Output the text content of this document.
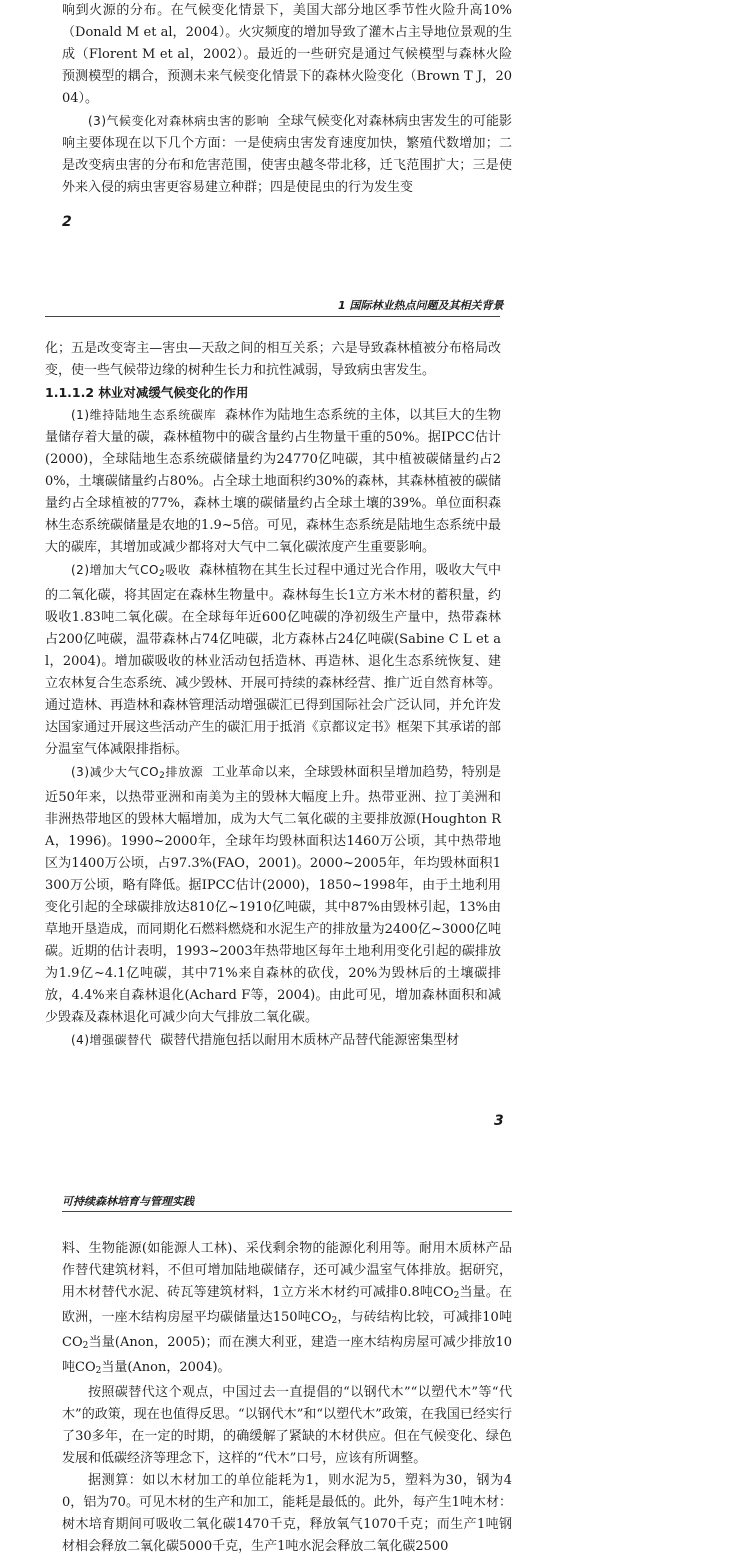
响到火源的分布。在气候变化情景下，美国大部分地区季节性火险升高10%（Donald M et al，2004）。火灾频度的增加导致了灌木占主导地位景观的生成（Florent M et al，2002）。最近的一些研究是通过气候模型与森林火险预测模型的耦合，预测未来气候变化情景下的森林火险变化（Brown T J，2004）。

(3)气候变化对森林病虫害的影响 全球气候变化对森林病虫害发生的可能影响主要体现在以下几个方面：一是使病虫害发育速度加快，繁殖代数增加；二是改变病虫害的分布和危害范围，使害虫越冬带北移，迁飞范围扩大；三是使外来入侵的病虫害更容易建立种群；四是使昆虫的行为发生变

2
1 国际林业热点问题及其相关背景

化；五是改变寄主—害虫—天敌之间的相互关系；六是导致森林植被分布格局改变，使一些气候带边缘的树种生长力和抗性减弱，导致病虫害发生。

1.1.1.2 林业对减缓气候变化的作用

(1)维持陆地生态系统碳库 森林作为陆地生态系统的主体，以其巨大的生物量储存着大量的碳，森林植物中的碳含量约占生物量干重的50%。据IPCC估计(2000)，全球陆地生态系统碳储量约为24770亿吨碳，其中植被碳储量约占20%，土壤碳储量约占80%。占全球土地面积约30%的森林，其森林植被的碳储量约占全球植被的77%，森林土壤的碳储量约占全球土壤的39%。单位面积森林生态系统碳储量是农地的1.9~5倍。可见，森林生态系统是陆地生态系统中最大的碳库，其增加或减少都将对大气中二氧化碳浓度产生重要影响。

(2)增加大气$CO_2$吸收 森林植物在其生长过程中通过光合作用，吸收大气中的二氧化碳，将其固定在森林生物量中。森林每生长1立方米木材的蓄积量，约吸收1.83吨二氧化碳。在全球每年近600亿吨碳的净初级生产量中，热带森林占200亿吨碳，温带森林占74亿吨碳，北方森林占24亿吨碳(Sabine C L et al，2004)。增加碳吸收的林业活动包括造林、再造林、退化生态系统恢复、建立农林复合生态系统、减少毁林、开展可持续的森林经营、推广近自然育林等。通过造林、再造林和森林管理活动增强碳汇已得到国际社会广泛认同，并允许发达国家通过开展这些活动产生的碳汇用于抵消《京都议定书》框架下其承诺的部分温室气体减限排指标。

(3)减少大气$CO_2$排放源 工业革命以来，全球毁林面积呈增加趋势，特别是近50年来，以热带亚洲和南美为主的毁林大幅度上升。热带亚洲、拉丁美洲和非洲热带地区的毁林大幅增加，成为大气二氧化碳的主要排放源(Houghton R A，1996)。1990~2000年，全球年均毁林面积达1460万公顷，其中热带地区为1400万公顷，占97.3%(FAO，2001)。2000~2005年，年均毁林面积1300万公顷，略有降低。据IPCC估计(2000)，1850~1998年，由于土地利用变化引起的全球碳排放达810亿~1910亿吨碳，其中87%由毁林引起，13%由草地开垦造成，而同期化石燃料燃烧和水泥生产的排放量为2400亿~3000亿吨碳。近期的估计表明，1993~2003年热带地区每年土地利用变化引起的碳排放为1.9亿~4.1亿吨碳，其中71%来自森林的砍伐，20%为毁林后的土壤碳排放，4.4%来自森林退化(Achard F等，2004)。由此可见，增加森林面积和减少毁森及森林退化可减少向大气排放二氧化碳。

(4)增强碳替代 碳替代措施包括以耐用木质林产品替代能源密集型材

3
可持续森林培育与管理实践

料、生物能源(如能源人工林)、采伐剩余物的能源化利用等。耐用木质林产品作替代建筑材料，不但可增加陆地碳储存，还可减少温室气体排放。据研究，用木材替代水泥、砖瓦等建筑材料，1立方米木材约可减排0.8吨$CO_2$当量。在欧洲，一座木结构房屋平均碳储量达150吨$CO_2$，与砖结构比较，可减排10吨$CO_2$当量(Anon，2005)；而在澳大利亚，建造一座木结构房屋可减少排放10吨$CO_2$当量(Anon，2004)。

按照碳替代这个观点，中国过去一直提倡的“以钢代木”“以塑代木”等“代木”的政策，现在也值得反思。“以钢代木”和“以塑代木”政策，在我国已经实行了30多年，在一定的时期，的确缓解了紧缺的木材供应。但在气候变化、绿色发展和低碳经济等理念下，这样的“代木”口号，应该有所调整。

据测算：如以木材加工的单位能耗为1，则水泥为5，塑料为30，钢为40，铝为70。可见木材的生产和加工，能耗是最低的。此外，每产生1吨木材：树木培育期间可吸收二氧化碳1470千克，释放氧气1070千克；而生产1吨钢材相会释放二氧化碳5000千克，生产1吨水泥会释放二氧化碳2500
